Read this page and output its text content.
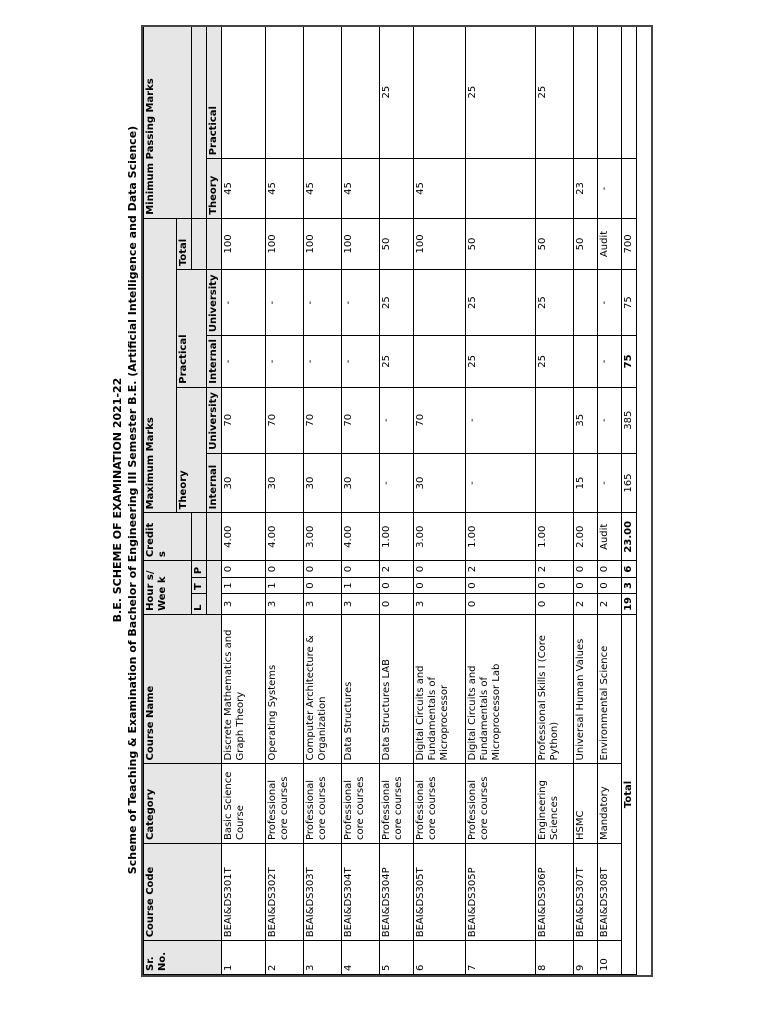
B.E. SCHEME OF EXAMINATION 2021-22 Scheme of Teaching & Examination of Bachelor of Engineering III Semester B.E. (Artificial Intelligence and Data Science)
Sr. No.	Course Code	Category	Course Name	Hour s/ Wee k			Credit s	Maximum Marks					Minimum Passing Marks	
								Theory		Practical		Total		
				L	T	P								
								Internal	University	Internal	University		Theory	Practical
1	BEAI&DS301T	Basic Science Course	Discrete Mathematics and Graph Theory	3	1	0	4.00	30	70	-	-	100	45	
2	BEAI&DS302T	Professional core courses	Operating Systems	3	1	0	4.00	30	70	-	-	100	45	
3	BEAI&DS303T	Professional core courses	Computer Architecture & Organization	3	0	0	3.00	30	70	-	-	100	45	
4	BEAI&DS304T	Professional core courses	Data Structures	3	1	0	4.00	30	70	-	-	100	45	
5	BEAI&DS304P	Professional core courses	Data Structures LAB	0	0	2	1.00	-	-	25	25	50		25
6	BEAI&DS305T	Professional core courses	Digital Circuits and Fundamentals of Microprocessor	3	0	0	3.00	30	70			100	45	
7	BEAI&DS305P	Professional core courses	Digital Circuits and Fundamentals of Microprocessor Lab	0	0	2	1.00	-	-	25	25	50		25
8	BEAI&DS306P	Engineering Sciences	Professional Skills I (Core Python)	0	0	2	1.00			25	25	50		25
9	BEAI&DS307T	HSMC	Universal Human Values	2	0	0	2.00	15	35			50	23	
10	BEAI&DS308T	Mandatory	Environmental Science	2	0	0	Audit	-	-	-	-	Audit	-	
Total				19	3	6	23.00	165	385	75	75	700		
